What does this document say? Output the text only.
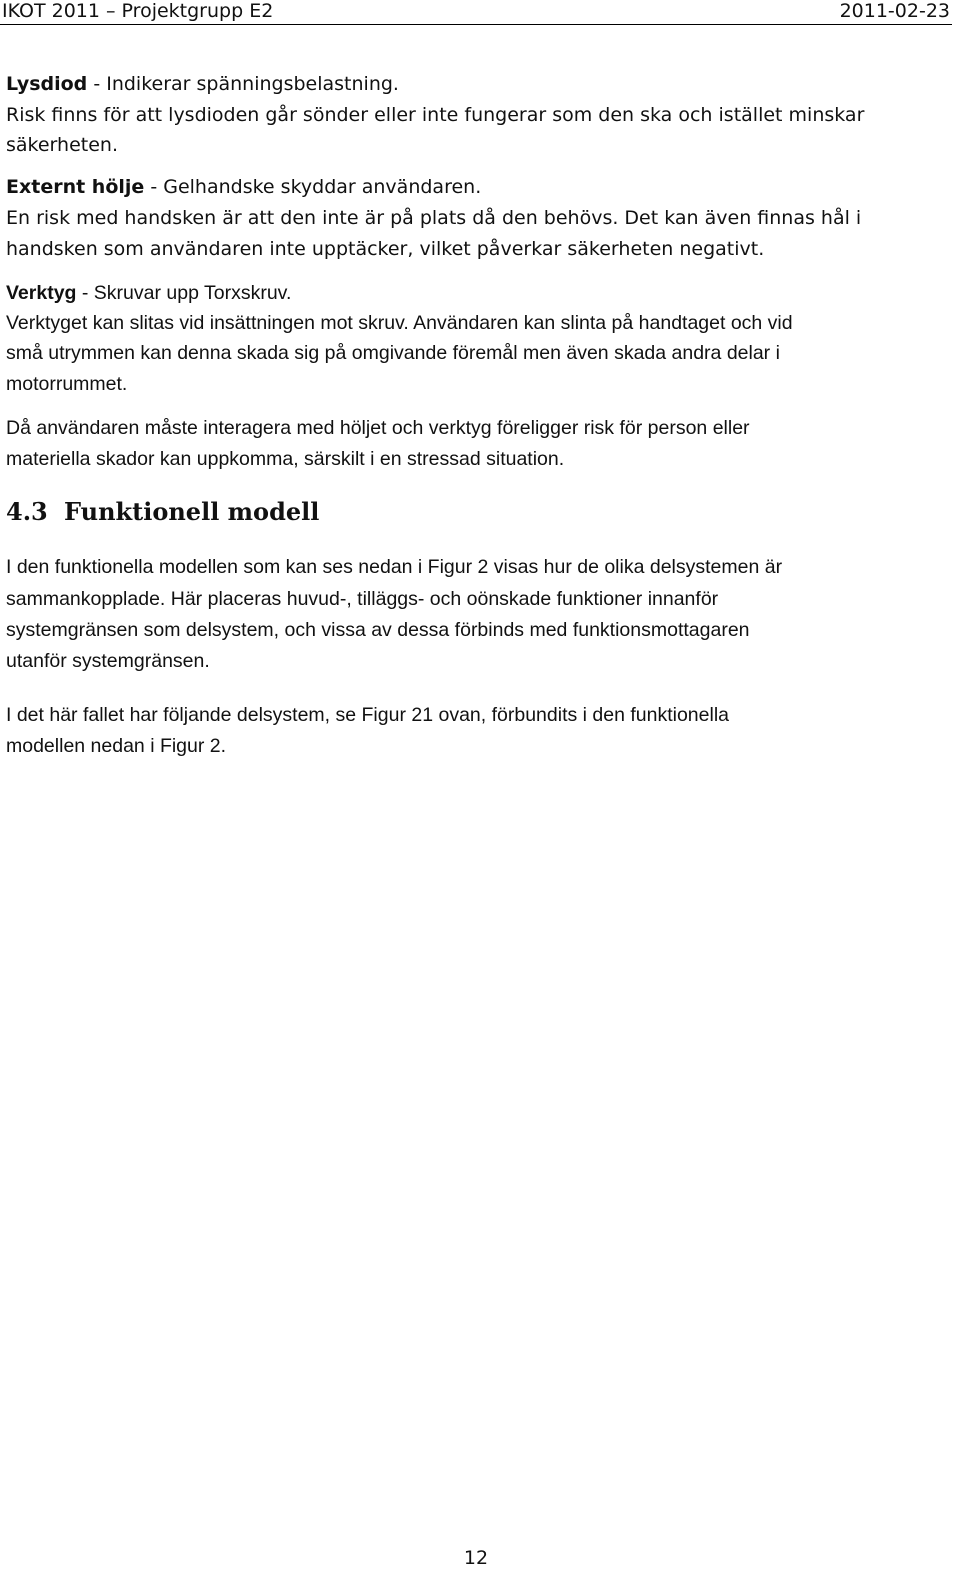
IKOT 2011 – Projektgrupp E2	2011-02-23
Lysdiod - Indikerar spänningsbelastning.
Risk finns för att lysdioden går sönder eller inte fungerar som den ska och istället minskar
säkerheten.
Externt hölje - Gelhandske skyddar användaren.
En risk med handsken är att den inte är på plats då den behövs. Det kan även finnas hål i
handsken som användaren inte upptäcker, vilket påverkar säkerheten negativt.
Verktyg - Skruvar upp Torxskruv.
Verktyget kan slitas vid insättningen mot skruv. Användaren kan slinta på handtaget och vid
små utrymmen kan denna skada sig på omgivande föremål men även skada andra delar i
motorrummet.
Då användaren måste interagera med höljet och verktyg föreligger risk för person eller
materiella skador kan uppkomma, särskilt i en stressad situation.
4.3 Funktionell modell
I den funktionella modellen som kan ses nedan i Figur 2 visas hur de olika delsystemen är
sammankopplade. Här placeras huvud-, tilläggs- och oönskade funktioner innanför
systemgränsen som delsystem, och vissa av dessa förbinds med funktionsmottagaren
utanför systemgränsen.
I det här fallet har följande delsystem, se Figur 21 ovan, förbundits i den funktionella
modellen nedan i Figur 2.
12
